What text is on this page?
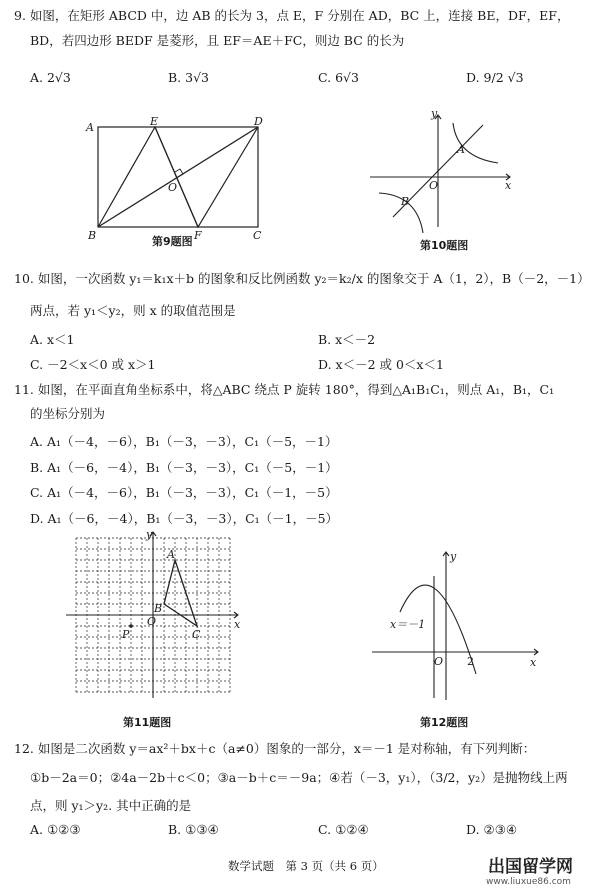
9. 如图，在矩形 ABCD 中，边 AB 的长为 3，点 E，F 分别在 AD，BC 上，连接 BE，DF，EF，
BD，若四边形 BEDF 是菱形，且 EF＝AE＋FC，则边 BC 的长为
A. 2√3	B. 3√3	C. 6√3	D. 9/2 √3
A	E	D
O
B	F	C
第9题图
y
x
O
A
B
第10题图
10. 如图，一次函数 y₁＝k₁x＋b 的图象和反比例函数 y₂＝k₂/x 的图象交于 A（1，2），B（－2，－1）
两点，若 y₁＜y₂，则 x 的取值范围是
A. x＜1	B. x＜－2
C. －2＜x＜0 或 x＞1	D. x＜－2 或 0＜x＜1
11. 如图，在平面直角坐标系中，将△ABC 绕点 P 旋转 180°，得到△A₁B₁C₁，则点 A₁，B₁，C₁
的坐标分别为
A. A₁（－4，－6），B₁（－3，－3），C₁（－5，－1）
B. A₁（－6，－4），B₁（－3，－3），C₁（－5，－1）
C. A₁（－4，－6），B₁（－3，－3），C₁（－1，－5）
D. A₁（－6，－4），B₁（－3，－3），C₁（－1，－5）
y
x
A
B
O
C
P
第11题图
y
x
O 2
x＝－1
第12题图
12. 如图是二次函数 y＝ax²＋bx＋c（a≠0）图象的一部分，x＝－1 是对称轴，有下列判断：
①b－2a＝0；②4a－2b＋c＜0；③a－b＋c＝－9a；④若（－3，y₁），（3/2，y₂）是抛物线上两
点，则 y₁＞y₂. 其中正确的是
A. ①②③	B. ①③④	C. ①②④	D. ②③④
数学试题　第 3 页（共 6 页）	出国留学网
www.liuxue86.com
